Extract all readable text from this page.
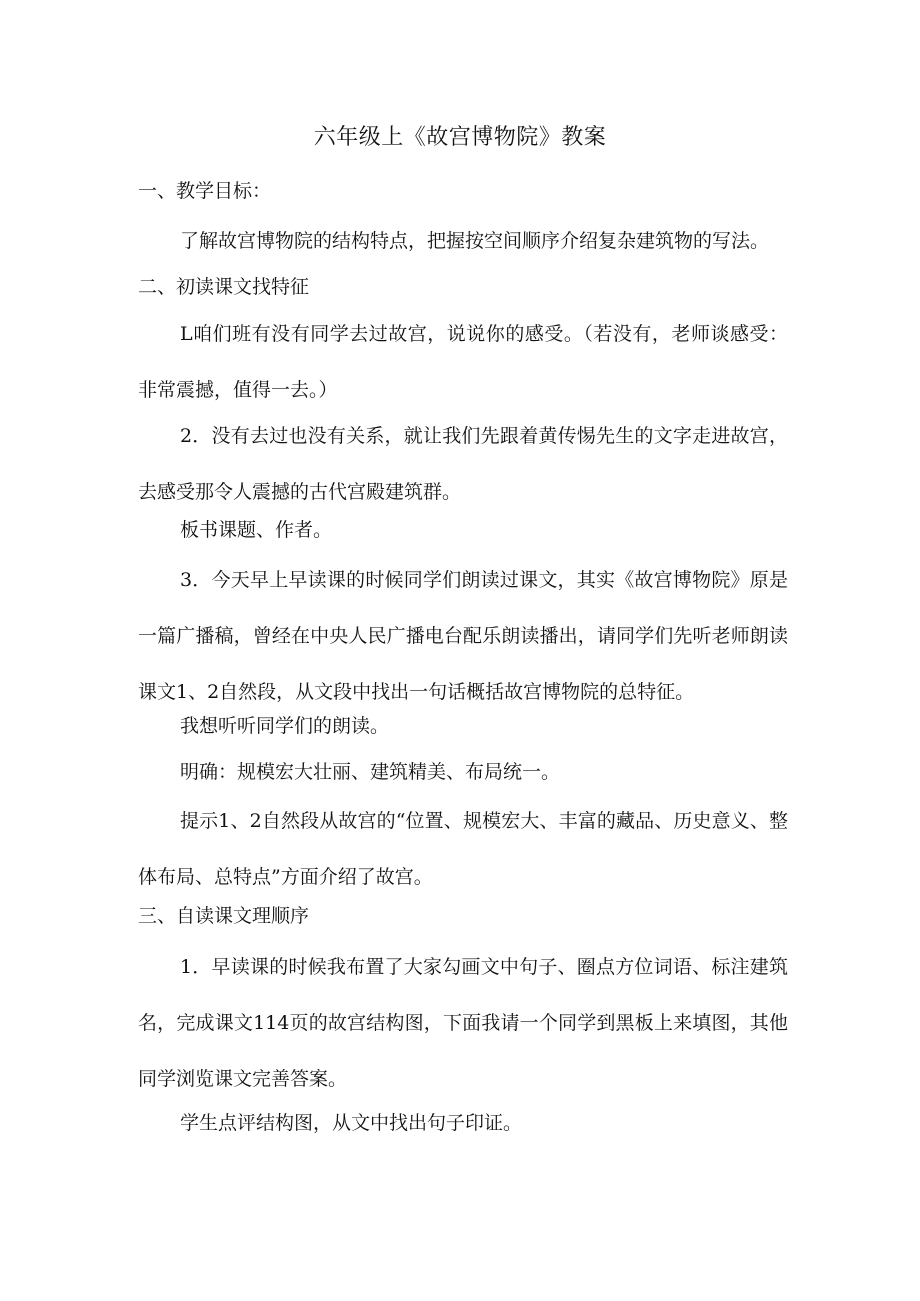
六年级上《故宫博物院》教案
一、教学目标：
了解故宫博物院的结构特点，把握按空间顺序介绍复杂建筑物的写法。
二、初读课文找特征
L咱们班有没有同学去过故宫，说说你的感受。（若没有，老师谈感受：非常震撼，值得一去。）
2．没有去过也没有关系，就让我们先跟着黄传惕先生的文字走进故宫，去感受那令人震撼的古代宫殿建筑群。
板书课题、作者。
3．今天早上早读课的时候同学们朗读过课文，其实《故宫博物院》原是一篇广播稿，曾经在中央人民广播电台配乐朗读播出，请同学们先听老师朗读课文1、2自然段，从文段中找出一句话概括故宫博物院的总特征。
我想听听同学们的朗读。
明确：规模宏大壮丽、建筑精美、布局统一。
提示1、2自然段从故宫的“位置、规模宏大、丰富的藏品、历史意义、整体布局、总特点”方面介绍了故宫。
三、自读课文理顺序
1．早读课的时候我布置了大家勾画文中句子、圈点方位词语、标注建筑名，完成课文114页的故宫结构图，下面我请一个同学到黑板上来填图，其他同学浏览课文完善答案。
学生点评结构图，从文中找出句子印证。
